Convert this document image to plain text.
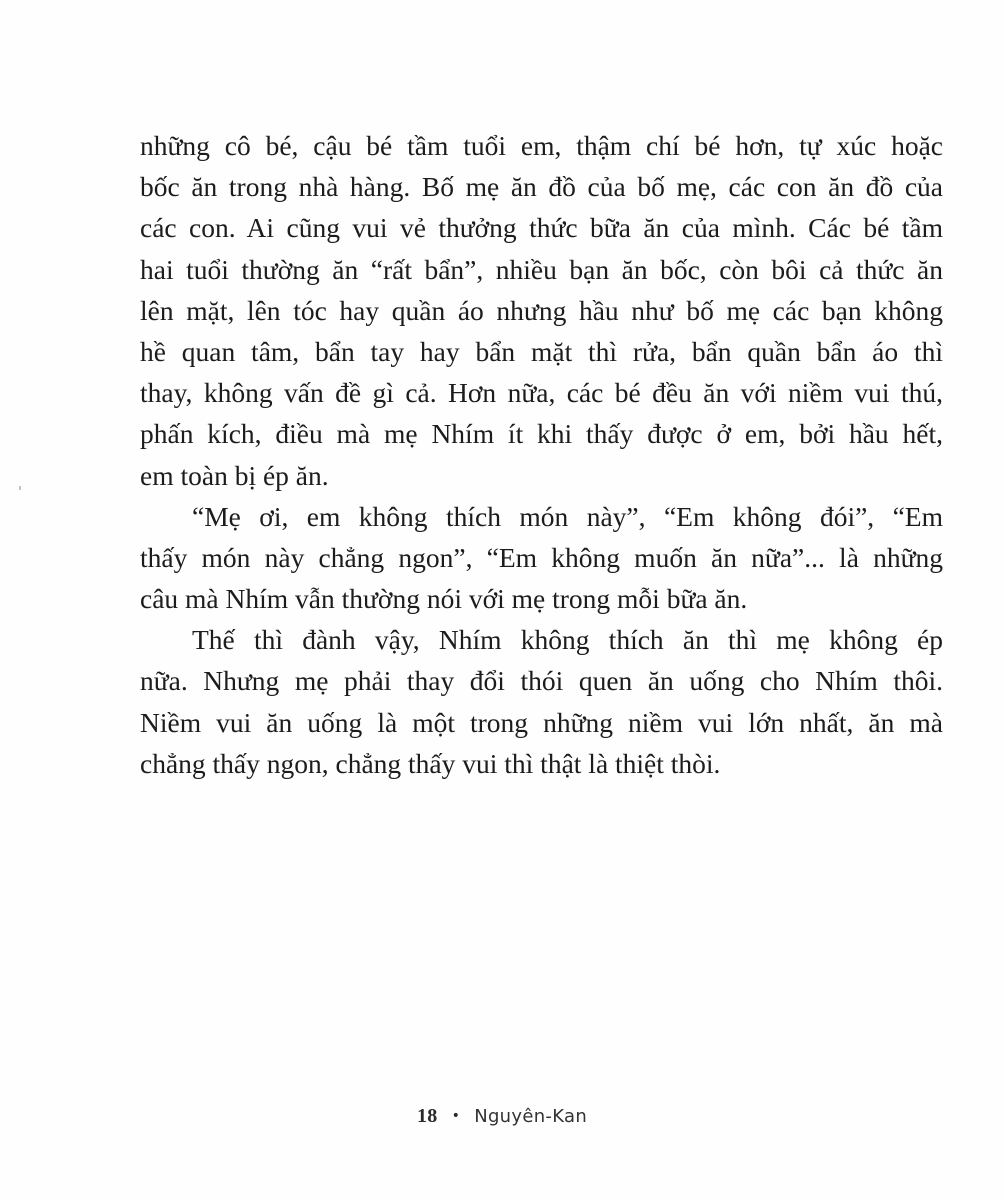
những cô bé, cậu bé tầm tuổi em, thậm chí bé hơn, tự xúc hoặc
bốc ăn trong nhà hàng. Bố mẹ ăn đồ của bố mẹ, các con ăn đồ của
các con. Ai cũng vui vẻ thưởng thức bữa ăn của mình. Các bé tầm
hai tuổi thường ăn “rất bẩn”, nhiều bạn ăn bốc, còn bôi cả thức ăn
lên mặt, lên tóc hay quần áo nhưng hầu như bố mẹ các bạn không
hề quan tâm, bẩn tay hay bẩn mặt thì rửa, bẩn quần bẩn áo thì
thay, không vấn đề gì cả. Hơn nữa, các bé đều ăn với niềm vui thú,
phấn kích, điều mà mẹ Nhím ít khi thấy được ở em, bởi hầu hết,
em toàn bị ép ăn.
“Mẹ ơi, em không thích món này”, “Em không đói”, “Em
thấy món này chẳng ngon”, “Em không muốn ăn nữa”... là những
câu mà Nhím vẫn thường nói với mẹ trong mỗi bữa ăn.
Thế thì đành vậy, Nhím không thích ăn thì mẹ không ép
nữa. Nhưng mẹ phải thay đổi thói quen ăn uống cho Nhím thôi.
Niềm vui ăn uống là một trong những niềm vui lớn nhất, ăn mà
chẳng thấy ngon, chẳng thấy vui thì thật là thiệt thòi.
18 • Nguyên-Kan
